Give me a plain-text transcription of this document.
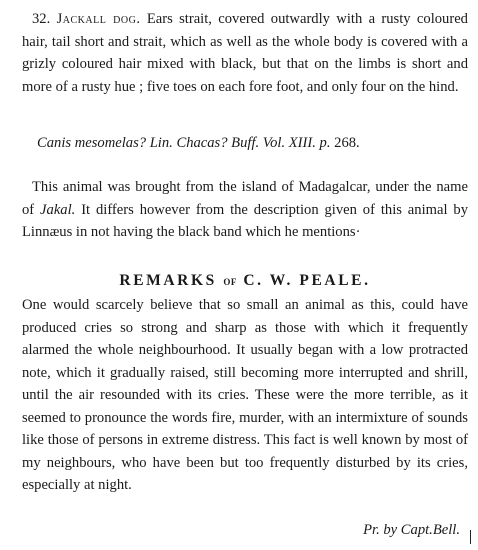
32. Jackall dog. Ears strait, covered outwardly with a rusty coloured hair, tail short and strait, which as well as the whole body is covered with a grizly coloured hair mixed with black, but that on the limbs is short and more of a rusty hue ; five toes on each fore foot, and only four on the hind.

Canis mesomelas? Lin. Chacas? Buff. Vol. XIII. p. 268.

This animal was brought from the island of Madagalcar, under the name of Jakal. It differs however from the description given of this animal by Linnæus in not having the black band which he mentions·

REMARKS OF C. W. PEALE.

One would scarcely believe that so small an animal as this, could have produced cries so strong and sharp as those with which it frequently alarmed the whole neighbourhood. It usually began with a low protracted note, which it gradually raised, still becoming more interrupted and shrill, until the air resounded with its cries. These were the more terrible, as it seemed to pronounce the words fire, murder, with an intermixture of sounds like those of persons in extreme distress. This fact is well known by most of my neighbours, who have been but too frequently disturbed by its cries, especially at night.

Pr. by Capt.Bell.
